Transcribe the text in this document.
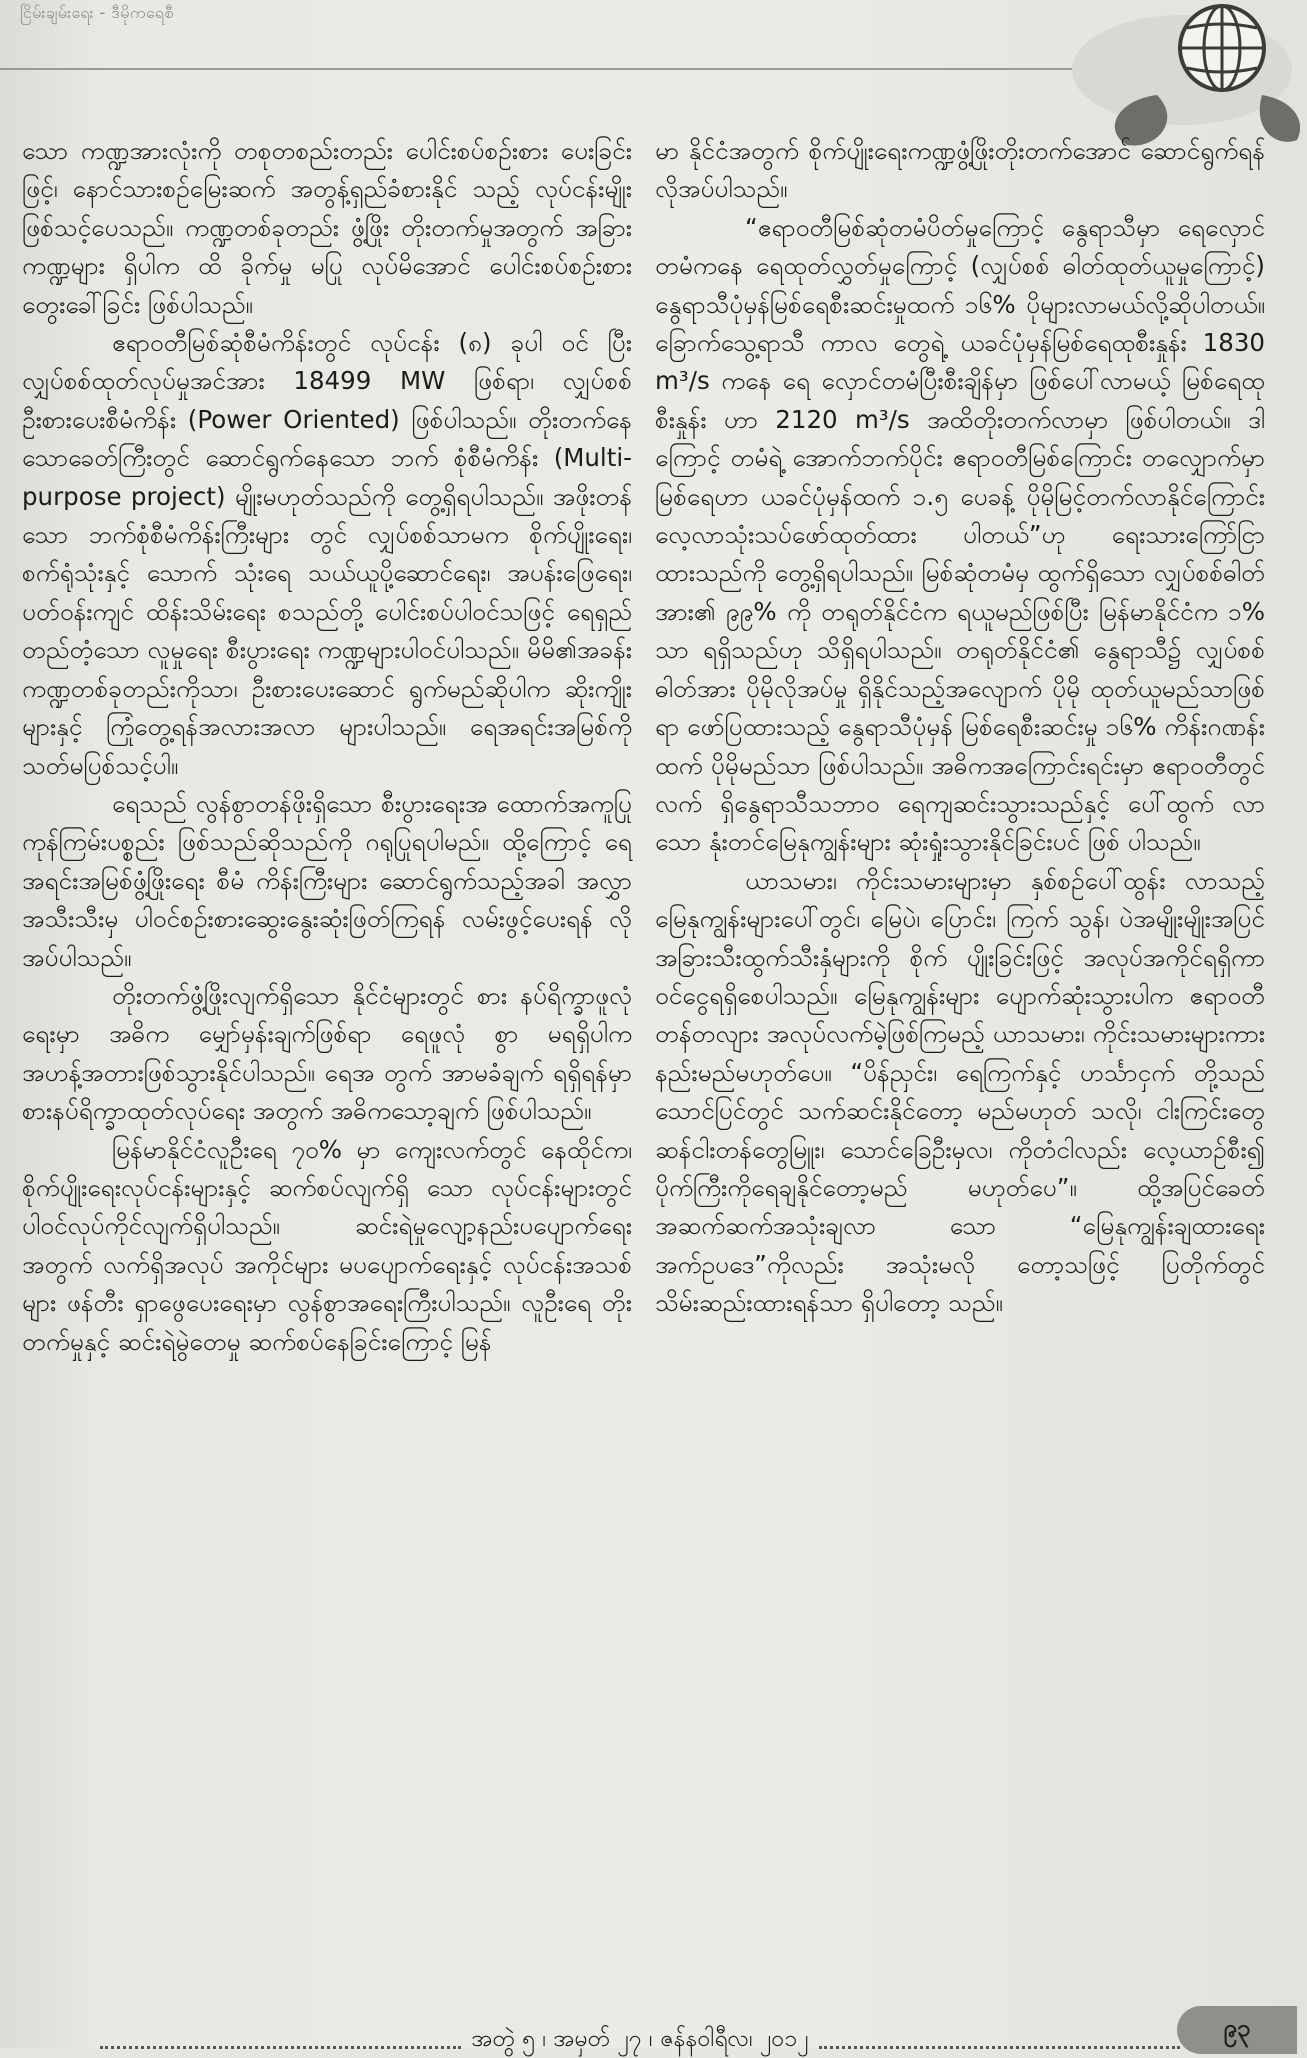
ငြိမ်းချမ်းရေး - ဒီမိုကရေစီ

သော ကဏ္ဍအားလုံးကို တစုတစည်းတည်း ပေါင်းစပ်စဉ်းစား ပေးခြင်းဖြင့်၊ နောင်သားစဉ်မြေးဆက် အတွန့်ရှည်ခံစားနိုင် သည့် လုပ်ငန်းမျိုးဖြစ်သင့်ပေသည်။ ကဏ္ဍတစ်ခုတည်း ဖွံ့ဖြိုး တိုးတက်မှုအတွက် အခြားကဏ္ဍများ ရှိပါက ထိ ခိုက်မှု မပြု လုပ်မိအောင် ပေါင်းစပ်စဉ်းစားတွေးခေါ်ခြင်း ဖြစ်ပါသည်။

ဧရာဝတီမြစ်ဆုံစီမံကိန်းတွင် လုပ်ငန်း (၈) ခုပါ ဝင် ပြီး လျှပ်စစ်ထုတ်လုပ်မှုအင်အား 18499 MW ဖြစ်ရာ၊ လျှပ်စစ် ဦးစားပေးစီမံကိန်း (Power Oriented) ဖြစ်ပါသည်။ တိုးတက်နေသောခေတ်ကြီးတွင် ဆောင်ရွက်နေသော ဘက် စုံစီမံကိန်း (Multi-purpose project) မျိုးမဟုတ်သည်ကို တွေ့ရှိရပါသည်။ အဖိုးတန်သော ဘက်စုံစီမံကိန်းကြီးများ တွင် လျှပ်စစ်သာမက စိုက်ပျိုးရေး၊ စက်ရုံသုံးနှင့် သောက် သုံးရေ သယ်ယူပို့ဆောင်ရေး၊ အပန်းဖြေရေး၊ ပတ်ဝန်းကျင် ထိန်းသိမ်းရေး စသည်တို့ ပေါင်းစပ်ပါဝင်သဖြင့် ရေရှည် တည်တံ့သော လူမှုရေး စီးပွားရေး ကဏ္ဍများပါဝင်ပါသည်။ မိမိ၏အခန်းကဏ္ဍတစ်ခုတည်းကိုသာ၊ ဦးစားပေးဆောင် ရွက်မည်ဆိုပါက ဆိုးကျိုးများနှင့် ကြုံတွေ့ရန်အလားအလာ များပါသည်။ ရေအရင်းအမြစ်ကို သတ်မပြစ်သင့်ပါ။

ရေသည် လွန်စွာတန်ဖိုးရှိသော စီးပွားရေးအ ထောက်အကူပြု ကုန်ကြမ်းပစ္စည်း ဖြစ်သည်ဆိုသည်ကို ဂရုပြုရပါမည်။ ထို့ကြောင့် ရေအရင်းအမြစ်ဖွံ့ဖြိုးရေး စီမံ ကိန်းကြီးများ ဆောင်ရွက်သည့်အခါ အလွှာအသီးသီးမှ ပါဝင်စဉ်းစားဆွေးနွေးဆုံးဖြတ်ကြရန် လမ်းဖွင့်ပေးရန် လို အပ်ပါသည်။

တိုးတက်ဖွံ့ဖြိုးလျက်ရှိသော နိုင်ငံများတွင် စား နပ်ရိက္ခာဖူလုံရေးမှာ အဓိက မျှော်မှန်းချက်ဖြစ်ရာ ရေဖူလုံ စွာ မရရှိပါက အဟန့်အတားဖြစ်သွားနိုင်ပါသည်။ ရေအ တွက် အာမခံချက် ရရှိရန်မှာ စားနပ်ရိက္ခာထုတ်လုပ်ရေး အတွက် အဓိကသော့ချက် ဖြစ်ပါသည်။

မြန်မာနိုင်ငံလူဦးရေ ၇၀% မှာ ကျေးလက်တွင် နေထိုင်က၊ စိုက်ပျိုးရေးလုပ်ငန်းများနှင့် ဆက်စပ်လျက်ရှိ သော လုပ်ငန်းများတွင် ပါဝင်လုပ်ကိုင်လျက်ရှိပါသည်။ ဆင်းရဲမှုလျော့နည်းပပျောက်ရေးအတွက် လက်ရှိအလုပ် အကိုင်များ မပပျောက်ရေးနှင့် လုပ်ငန်းအသစ်များ ဖန်တီး ရှာဖွေပေးရေးမှာ လွန်စွာအရေးကြီးပါသည်။ လူဦးရေ တိုး တက်မှုနှင့် ဆင်းရဲမွဲတေမှု ဆက်စပ်နေခြင်းကြောင့် မြန်

မာ နိုင်ငံအတွက် စိုက်ပျိုးရေးကဏ္ဍဖွံ့ဖြိုးတိုးတက်အောင် ဆောင်ရွက်ရန် လိုအပ်ပါသည်။

“ဧရာဝတီမြစ်ဆုံတမံပိတ်မှုကြောင့် နွေရာသီမှာ ရေလှောင်တမံကနေ ရေထုတ်လွှတ်မှုကြောင့် (လျှပ်စစ် ဓါတ်ထုတ်ယူမှုကြောင့်) နွေရာသီပုံမှန်မြစ်ရေစီးဆင်းမှုထက် ၁၆% ပိုများလာမယ်လို့ဆိုပါတယ်။ ခြောက်သွေ့ရာသီ ကာလ တွေရဲ့ ယခင်ပုံမှန်မြစ်ရေထုစီးနှုန်း 1830 m³/s ကနေ ရေ လှောင်တမံပြီးစီးချိန်မှာ ဖြစ်ပေါ်လာမယ့် မြစ်ရေထုစီးနှုန်း ဟာ 2120 m³/s အထိတိုးတက်လာမှာ ဖြစ်ပါတယ်။ ဒါကြောင့် တမံရဲ့ အောက်ဘက်ပိုင်း ဧရာဝတီမြစ်ကြောင်း တလျှောက်မှာ မြစ်ရေဟာ ယခင်ပုံမှန်ထက် ၁.၅ ပေခန့် ပိုမိုမြင့်တက်လာနိုင်ကြောင်း လေ့လာသုံးသပ်ဖော်ထုတ်ထား ပါတယ်”ဟု ရေးသားကြော်ငြာထားသည်ကို တွေ့ရှိရပါသည်။ မြစ်ဆုံတမံမှ ထွက်ရှိသော လျှပ်စစ်ဓါတ်အား၏ ၉၉% ကို တရုတ်နိုင်ငံက ရယူမည်ဖြစ်ပြီး မြန်မာနိုင်ငံက ၁% သာ ရရှိသည်ဟု သိရှိရပါသည်။ တရုတ်နိုင်ငံ၏ နွေရာသီ၌ လျှပ်စစ်ဓါတ်အား ပိုမိုလိုအပ်မှု ရှိနိုင်သည့်အလျောက် ပိုမို ထုတ်ယူမည်သာဖြစ်ရာ ဖော်ပြထားသည့် နွေရာသီပုံမှန် မြစ်ရေစီးဆင်းမှု ၁၆% ကိန်းဂဏန်းထက် ပိုမိုမည်သာ ဖြစ်ပါသည်။ အဓိကအကြောင်းရင်းမှာ ဧရာဝတီတွင် လက် ရှိနွေရာသီသဘာဝ ရေကျဆင်းသွားသည်နှင့် ပေါ်ထွက် လာသော နုံးတင်မြေနုကျွန်းများ ဆုံးရှုံးသွားနိုင်ခြင်းပင် ဖြစ် ပါသည်။

ယာသမား၊ ကိုင်းသမားများမှာ နှစ်စဉ်ပေါ်ထွန်း လာသည့် မြေနုကျွန်းများပေါ်တွင်၊ မြေပဲ၊ ပြောင်း၊ ကြက် သွန်၊ ပဲအမျိုးမျိုးအပြင် အခြားသီးထွက်သီးနှံများကို စိုက် ပျိုးခြင်းဖြင့် အလုပ်အကိုင်ရရှိကာ ဝင်ငွေရရှိစေပါသည်။ မြေနုကျွန်းများ ပျောက်ဆုံးသွားပါက ဧရာဝတီတန်တလျား အလုပ်လက်မဲ့ဖြစ်ကြမည့် ယာသမား၊ ကိုင်းသမားများကား နည်းမည်မဟုတ်ပေ။ “ပိန်ညှင်း၊ ရေကြက်နှင့် ဟင်္သာငှက် တို့သည် သောင်ပြင်တွင် သက်ဆင်းနိုင်တော့ မည်မဟုတ် သလို၊ ငါးကြင်းတွေဆန်ငါးတန်တွေမြူး၊ သောင်ခြေဦးမှလ၊ ကိုတံငါလည်း လေ့ယာဉ်စီး၍ ပိုက်ကြီးကိုရေချနိုင်တော့မည် မဟုတ်ပေ”။ ထို့အပြင်ခေတ် အဆက်ဆက်အသုံးချလာ သော “မြေနုကျွန်းချထားရေးအက်ဥပဒေ”ကိုလည်း အသုံးမလို တော့သဖြင့် ပြတိုက်တွင် သိမ်းဆည်းထားရန်သာ ရှိပါတော့ သည်။

အတွဲ ၅ ၊ အမှတ် ၂၇ ၊ ဇန်နဝါရီလ၊ ၂၀၁၂	၉၃
